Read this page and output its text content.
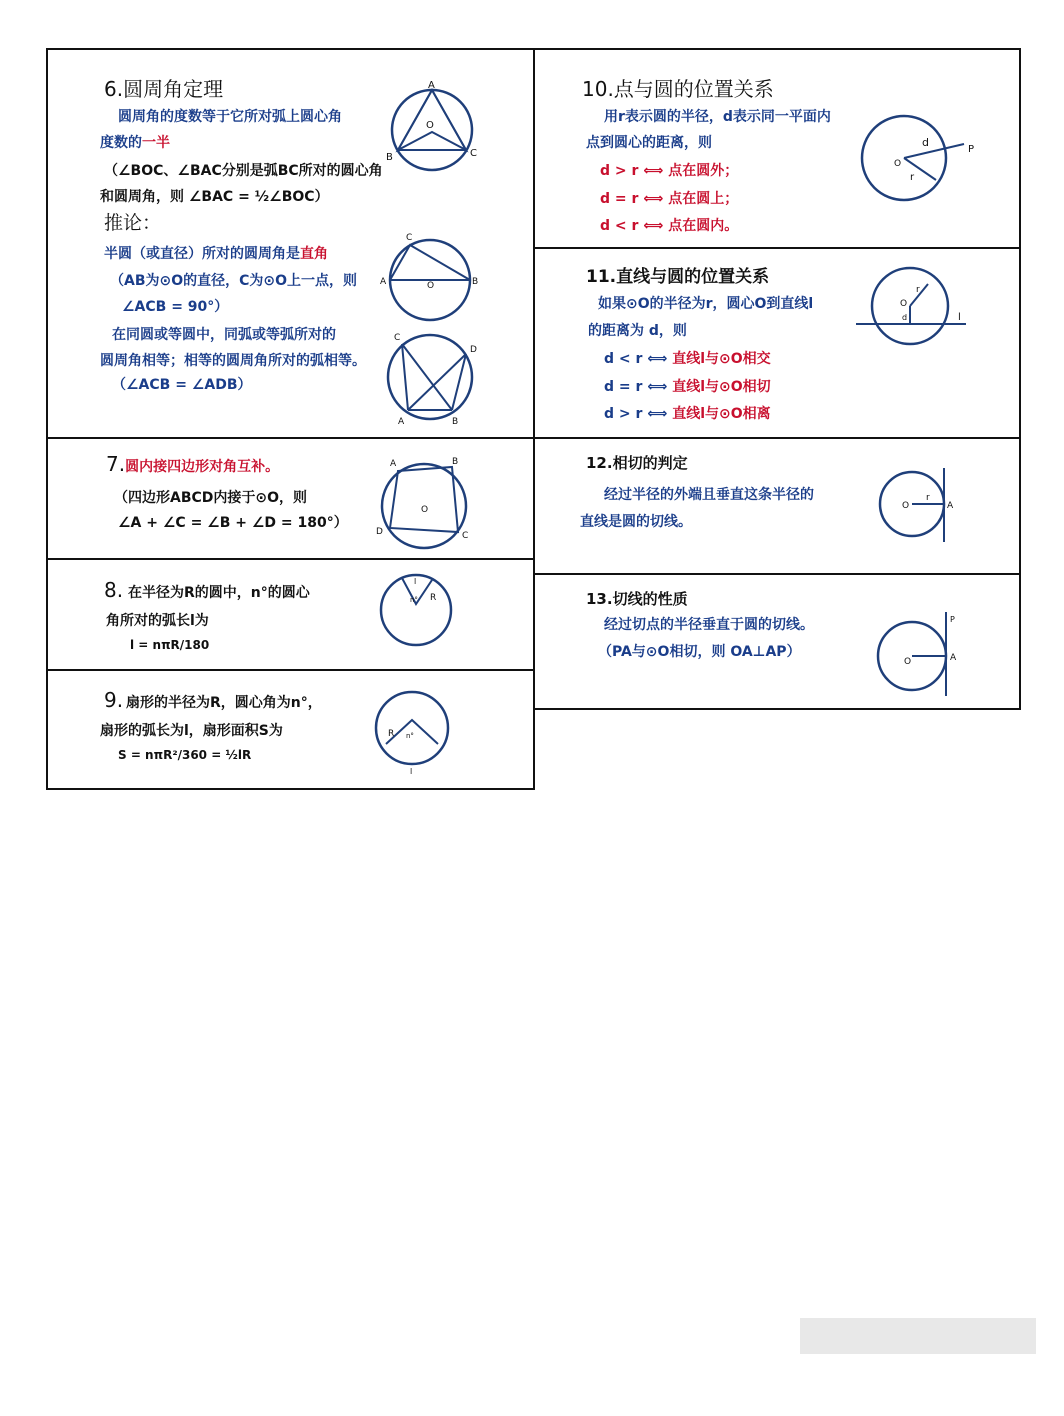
6.圆周角定理
圆周角的度数等于它所对弧上圆心角
度数的一半
（∠BOC、∠BAC分别是弧BC所对的圆心角
和圆周角，则 ∠BAC = ½∠BOC）
推论：
半圆（或直径）所对的圆周角是直角
（AB为⊙O的直径，C为⊙O上一点，则
∠ACB = 90°）
在同圆或等圆中，同弧或等弧所对的
圆周角相等；相等的圆周角所对的弧相等。
（∠ACB = ∠ADB）
A
B	C
O
A	B
C
O
C
D
A	B
7.圆内接四边形对角互补。
（四边形ABCD内接于⊙O，则
∠A + ∠C = ∠B + ∠D = 180°）
A	B
C
D
O
8. 在半径为R的圆中，n°的圆心
角所对的弧长l为
l = nπR/180
l
n° R
9. 扇形的半径为R，圆心角为n°，
扇形的弧长为l，扇形面积S为
S = nπR²/360 = ½lR
R n°
l
10.点与圆的位置关系
用r表示圆的半径，d表示同一平面内
点到圆心的距离，则
d > r ⟺ 点在圆外；
d = r ⟺ 点在圆上；
d < r ⟺ 点在圆内。
O
d
P
r
11.直线与圆的位置关系
如果⊙O的半径为r，圆心O到直线l
的距离为 d，则
d < r ⟺ 直线l与⊙O相交
d = r ⟺ 直线l与⊙O相切
d > r ⟺ 直线l与⊙O相离
O
r
d	l
12.相切的判定
经过半径的外端且垂直这条半径的
直线是圆的切线。
O
r
A
13.切线的性质
经过切点的半径垂直于圆的切线。
（PA与⊙O相切，则 OA⊥AP）
O	A
P
